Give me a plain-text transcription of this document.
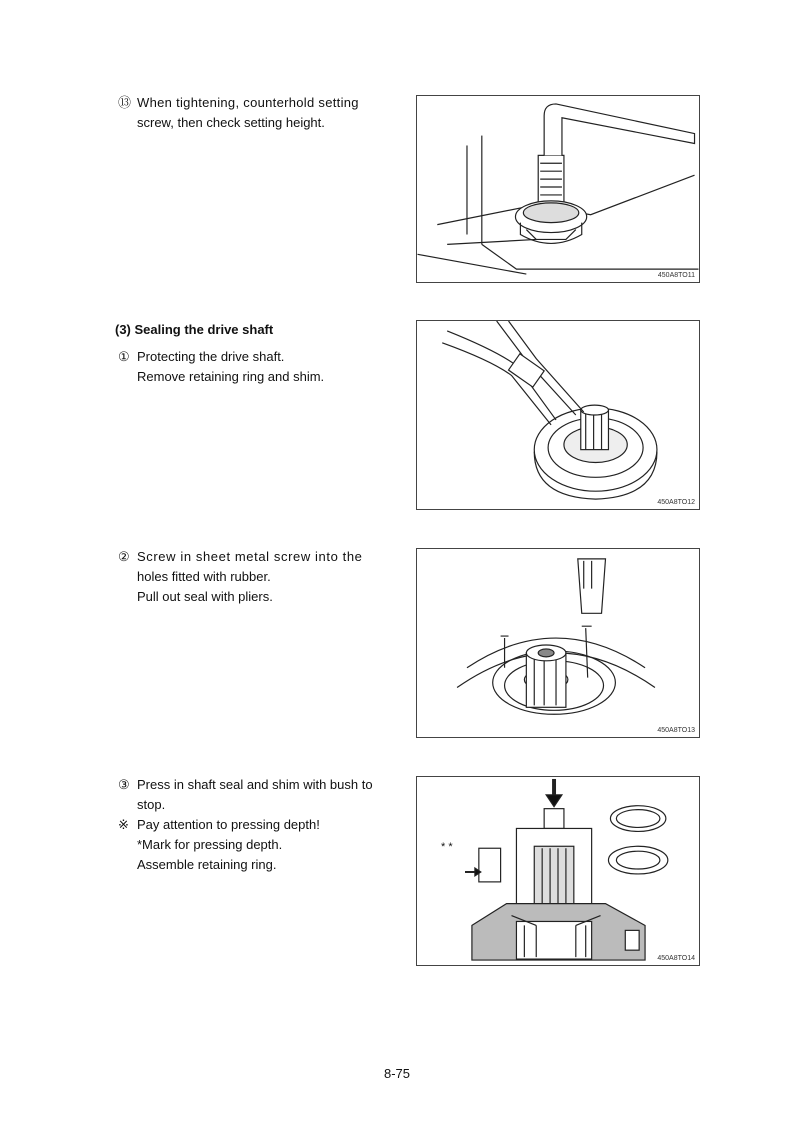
⑬ When tightening, counterhold setting
screw, then check setting height.
450A8TO11
(3) Sealing the drive shaft
① Protecting the drive shaft.
Remove retaining ring and shim.
450A8TO12
② Screw in sheet metal screw into the
holes fitted with rubber.
Pull out seal with pliers.
450A8TO13
③ Press in shaft seal and shim with bush to
stop.
※ Pay attention to pressing depth!
*Mark for pressing depth.
Assemble retaining ring.
* *
450A8TO14
8-75
